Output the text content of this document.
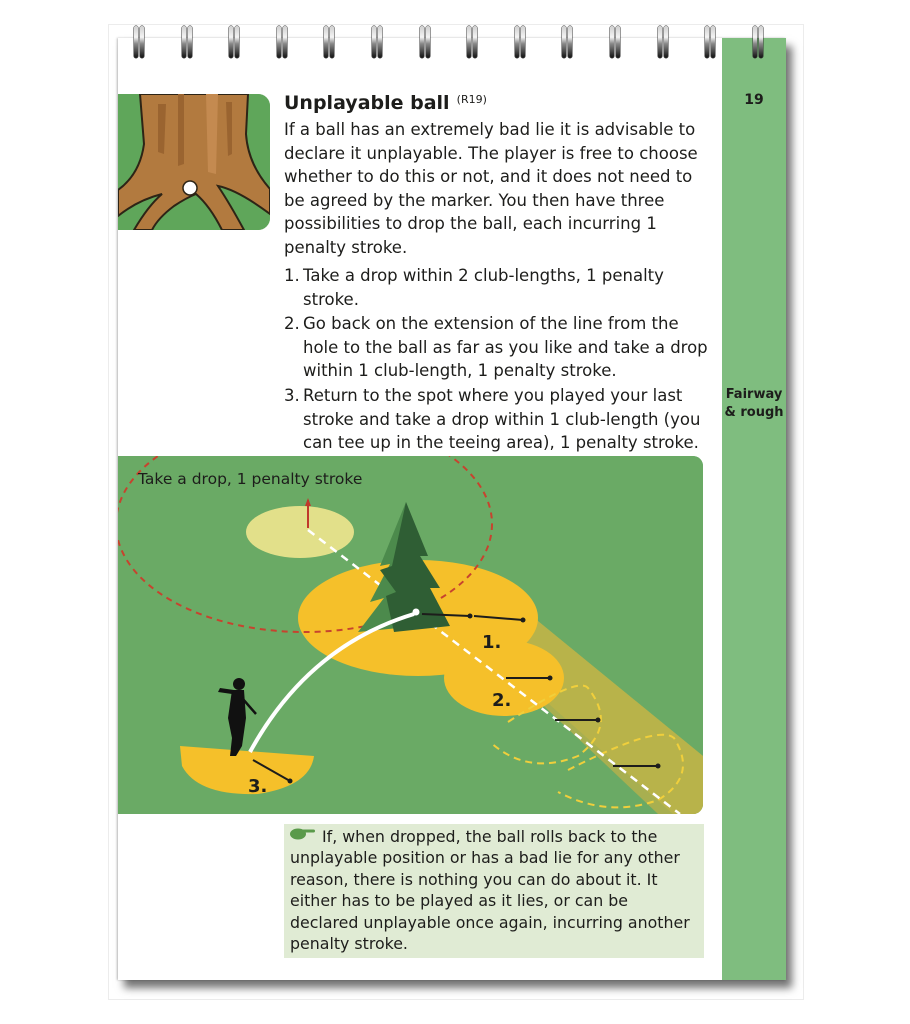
19
Fairway
& rough
Unplayable ball $^{(R19)}$
If a ball has an extremely bad lie it is advisable to declare it unplayable. The player is free to choose whether to do this or not, and it does not need to be agreed by the marker. You then have three possibilities to drop the ball, each incurring 1 penalty stroke.
1. Take a drop within 2 club-lengths, 1 penalty stroke.
2. Go back on the extension of the line from the hole to the ball as far as you like and take a drop within 1 club-length, 1 penalty stroke.
3. Return to the spot where you played your last stroke and take a drop within 1 club-length (you can tee up in the teeing area), 1 penalty stroke.
1.
2.
3.
Take a drop, 1 penalty stroke
If, when dropped, the ball rolls back to the unplayable position or has a bad lie for any other reason, there is nothing you can do about it. It either has to be played as it lies, or can be declared unplayable once again, incurring another penalty stroke.
